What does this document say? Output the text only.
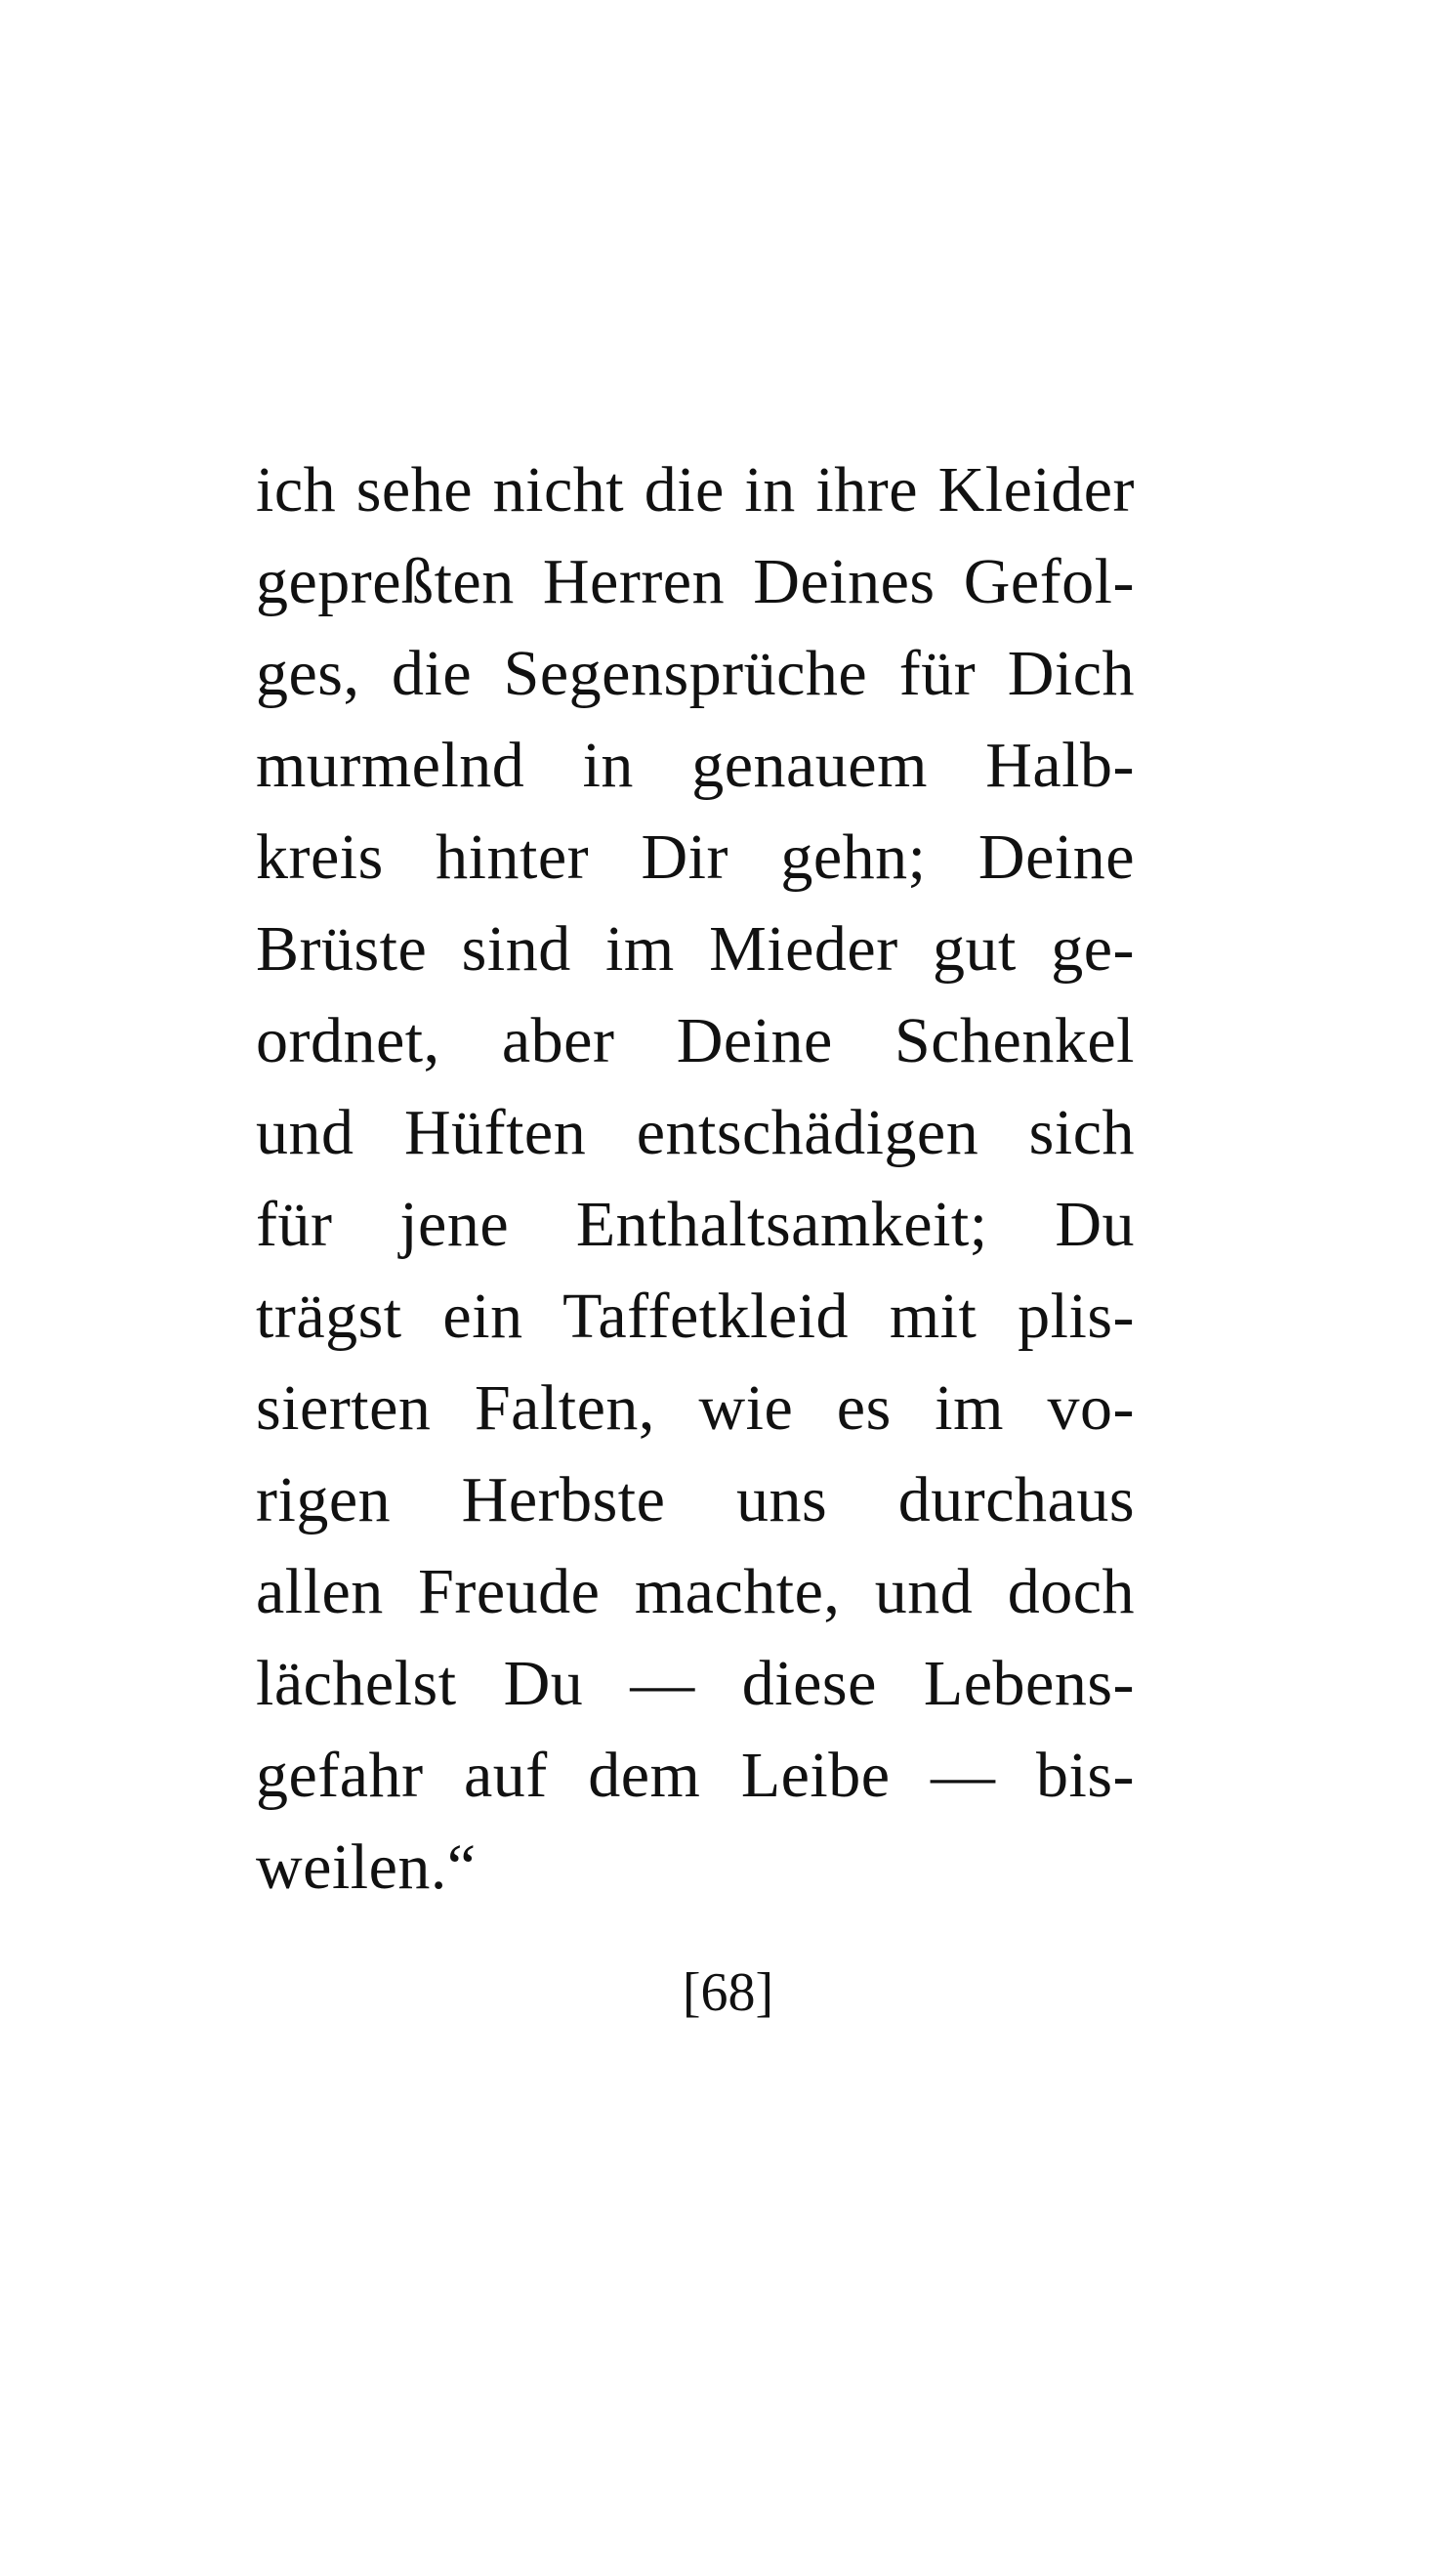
ich sehe nicht die in ihre Kleider
gepreßten Herren Deines Gefol-
ges, die Segensprüche für Dich
murmelnd in genauem Halb-
kreis hinter Dir gehn; Deine
Brüste sind im Mieder gut ge-
ordnet, aber Deine Schenkel
und Hüften entschädigen sich
für jene Enthaltsamkeit; Du
trägst ein Taffetkleid mit plis-
sierten Falten, wie es im vo-
rigen Herbste uns durchaus
allen Freude machte, und doch
lächelst Du — diese Lebens-
gefahr auf dem Leibe — bis-
weilen.“
[68]
